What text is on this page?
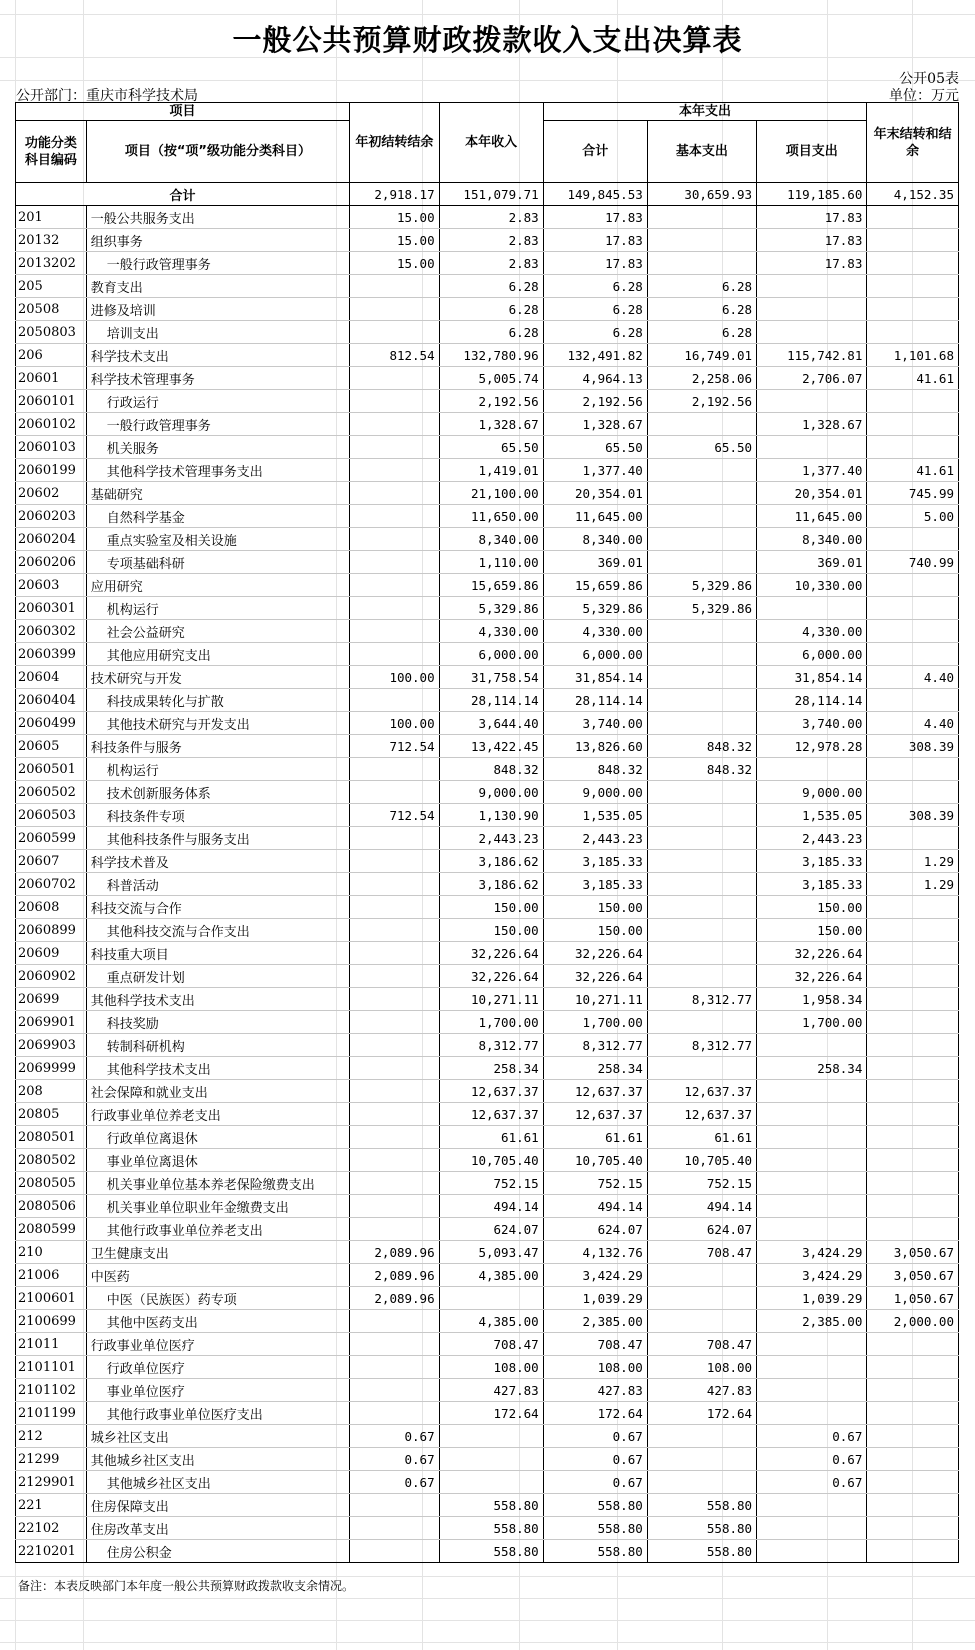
一般公共预算财政拨款收入支出决算表
公开05表
公开部门：重庆市科学技术局	单位：万元
项目		年初结转结余	本年收入	本年支出			年末结转和结余
功能分类科目编码	项目（按“项”级功能分类科目）			合计	基本支出	项目支出	
合计		2,918.17	151,079.71	149,845.53	30,659.93	119,185.60	4,152.35
201	一般公共服务支出	15.00	2.83	17.83		17.83	
20132	组织事务	15.00	2.83	17.83		17.83	
2013202	一般行政管理事务	15.00	2.83	17.83		17.83	
205	教育支出		6.28	6.28	6.28		
20508	进修及培训		6.28	6.28	6.28		
2050803	培训支出		6.28	6.28	6.28		
206	科学技术支出	812.54	132,780.96	132,491.82	16,749.01	115,742.81	1,101.68
20601	科学技术管理事务		5,005.74	4,964.13	2,258.06	2,706.07	41.61
2060101	行政运行		2,192.56	2,192.56	2,192.56		
2060102	一般行政管理事务		1,328.67	1,328.67		1,328.67	
2060103	机关服务		65.50	65.50	65.50		
2060199	其他科学技术管理事务支出		1,419.01	1,377.40		1,377.40	41.61
20602	基础研究		21,100.00	20,354.01		20,354.01	745.99
2060203	自然科学基金		11,650.00	11,645.00		11,645.00	5.00
2060204	重点实验室及相关设施		8,340.00	8,340.00		8,340.00	
2060206	专项基础科研		1,110.00	369.01		369.01	740.99
20603	应用研究		15,659.86	15,659.86	5,329.86	10,330.00	
2060301	机构运行		5,329.86	5,329.86	5,329.86		
2060302	社会公益研究		4,330.00	4,330.00		4,330.00	
2060399	其他应用研究支出		6,000.00	6,000.00		6,000.00	
20604	技术研究与开发	100.00	31,758.54	31,854.14		31,854.14	4.40
2060404	科技成果转化与扩散		28,114.14	28,114.14		28,114.14	
2060499	其他技术研究与开发支出	100.00	3,644.40	3,740.00		3,740.00	4.40
20605	科技条件与服务	712.54	13,422.45	13,826.60	848.32	12,978.28	308.39
2060501	机构运行		848.32	848.32	848.32		
2060502	技术创新服务体系		9,000.00	9,000.00		9,000.00	
2060503	科技条件专项	712.54	1,130.90	1,535.05		1,535.05	308.39
2060599	其他科技条件与服务支出		2,443.23	2,443.23		2,443.23	
20607	科学技术普及		3,186.62	3,185.33		3,185.33	1.29
2060702	科普活动		3,186.62	3,185.33		3,185.33	1.29
20608	科技交流与合作		150.00	150.00		150.00	
2060899	其他科技交流与合作支出		150.00	150.00		150.00	
20609	科技重大项目		32,226.64	32,226.64		32,226.64	
2060902	重点研发计划		32,226.64	32,226.64		32,226.64	
20699	其他科学技术支出		10,271.11	10,271.11	8,312.77	1,958.34	
2069901	科技奖励		1,700.00	1,700.00		1,700.00	
2069903	转制科研机构		8,312.77	8,312.77	8,312.77		
2069999	其他科学技术支出		258.34	258.34		258.34	
208	社会保障和就业支出		12,637.37	12,637.37	12,637.37		
20805	行政事业单位养老支出		12,637.37	12,637.37	12,637.37		
2080501	行政单位离退休		61.61	61.61	61.61		
2080502	事业单位离退休		10,705.40	10,705.40	10,705.40		
2080505	机关事业单位基本养老保险缴费支出		752.15	752.15	752.15		
2080506	机关事业单位职业年金缴费支出		494.14	494.14	494.14		
2080599	其他行政事业单位养老支出		624.07	624.07	624.07		
210	卫生健康支出	2,089.96	5,093.47	4,132.76	708.47	3,424.29	3,050.67
21006	中医药	2,089.96	4,385.00	3,424.29		3,424.29	3,050.67
2100601	中医（民族医）药专项	2,089.96		1,039.29		1,039.29	1,050.67
2100699	其他中医药支出		4,385.00	2,385.00		2,385.00	2,000.00
21011	行政事业单位医疗		708.47	708.47	708.47		
2101101	行政单位医疗		108.00	108.00	108.00		
2101102	事业单位医疗		427.83	427.83	427.83		
2101199	其他行政事业单位医疗支出		172.64	172.64	172.64		
212	城乡社区支出	0.67		0.67		0.67	
21299	其他城乡社区支出	0.67		0.67		0.67	
2129901	其他城乡社区支出	0.67		0.67		0.67	
221	住房保障支出		558.80	558.80	558.80		
22102	住房改革支出		558.80	558.80	558.80		
2210201	住房公积金		558.80	558.80	558.80		
备注：本表反映部门本年度一般公共预算财政拨款收支余情况。
